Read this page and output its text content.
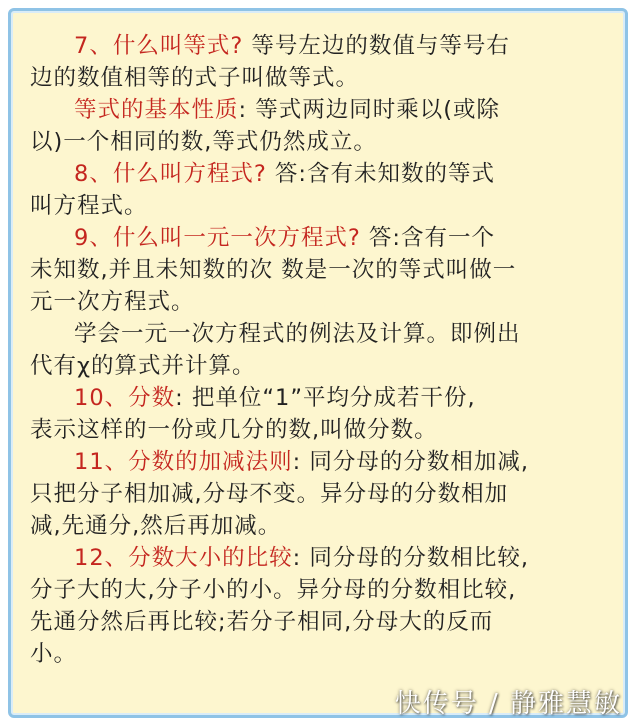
7、什么叫等式? 等号左边的数值与等号右
边的数值相等的式子叫做等式。
等式的基本性质: 等式两边同时乘以(或除
以)一个相同的数,等式仍然成立。
8、什么叫方程式? 答:含有未知数的等式
叫方程式。
9、什么叫一元一次方程式? 答:含有一个
未知数,并且未知数的次 数是一次的等式叫做一
元一次方程式。
学会一元一次方程式的例法及计算。即例出
代有χ的算式并计算。
10、分数: 把单位“1”平均分成若干份,
表示这样的一份或几分的数,叫做分数。
11、分数的加减法则: 同分母的分数相加减,
只把分子相加减,分母不变。异分母的分数相加
减,先通分,然后再加减。
12、分数大小的比较: 同分母的分数相比较,
分子大的大,分子小的小。异分母的分数相比较,
先通分然后再比较;若分子相同,分母大的反而
小。
快传号 / 静雅慧敏
